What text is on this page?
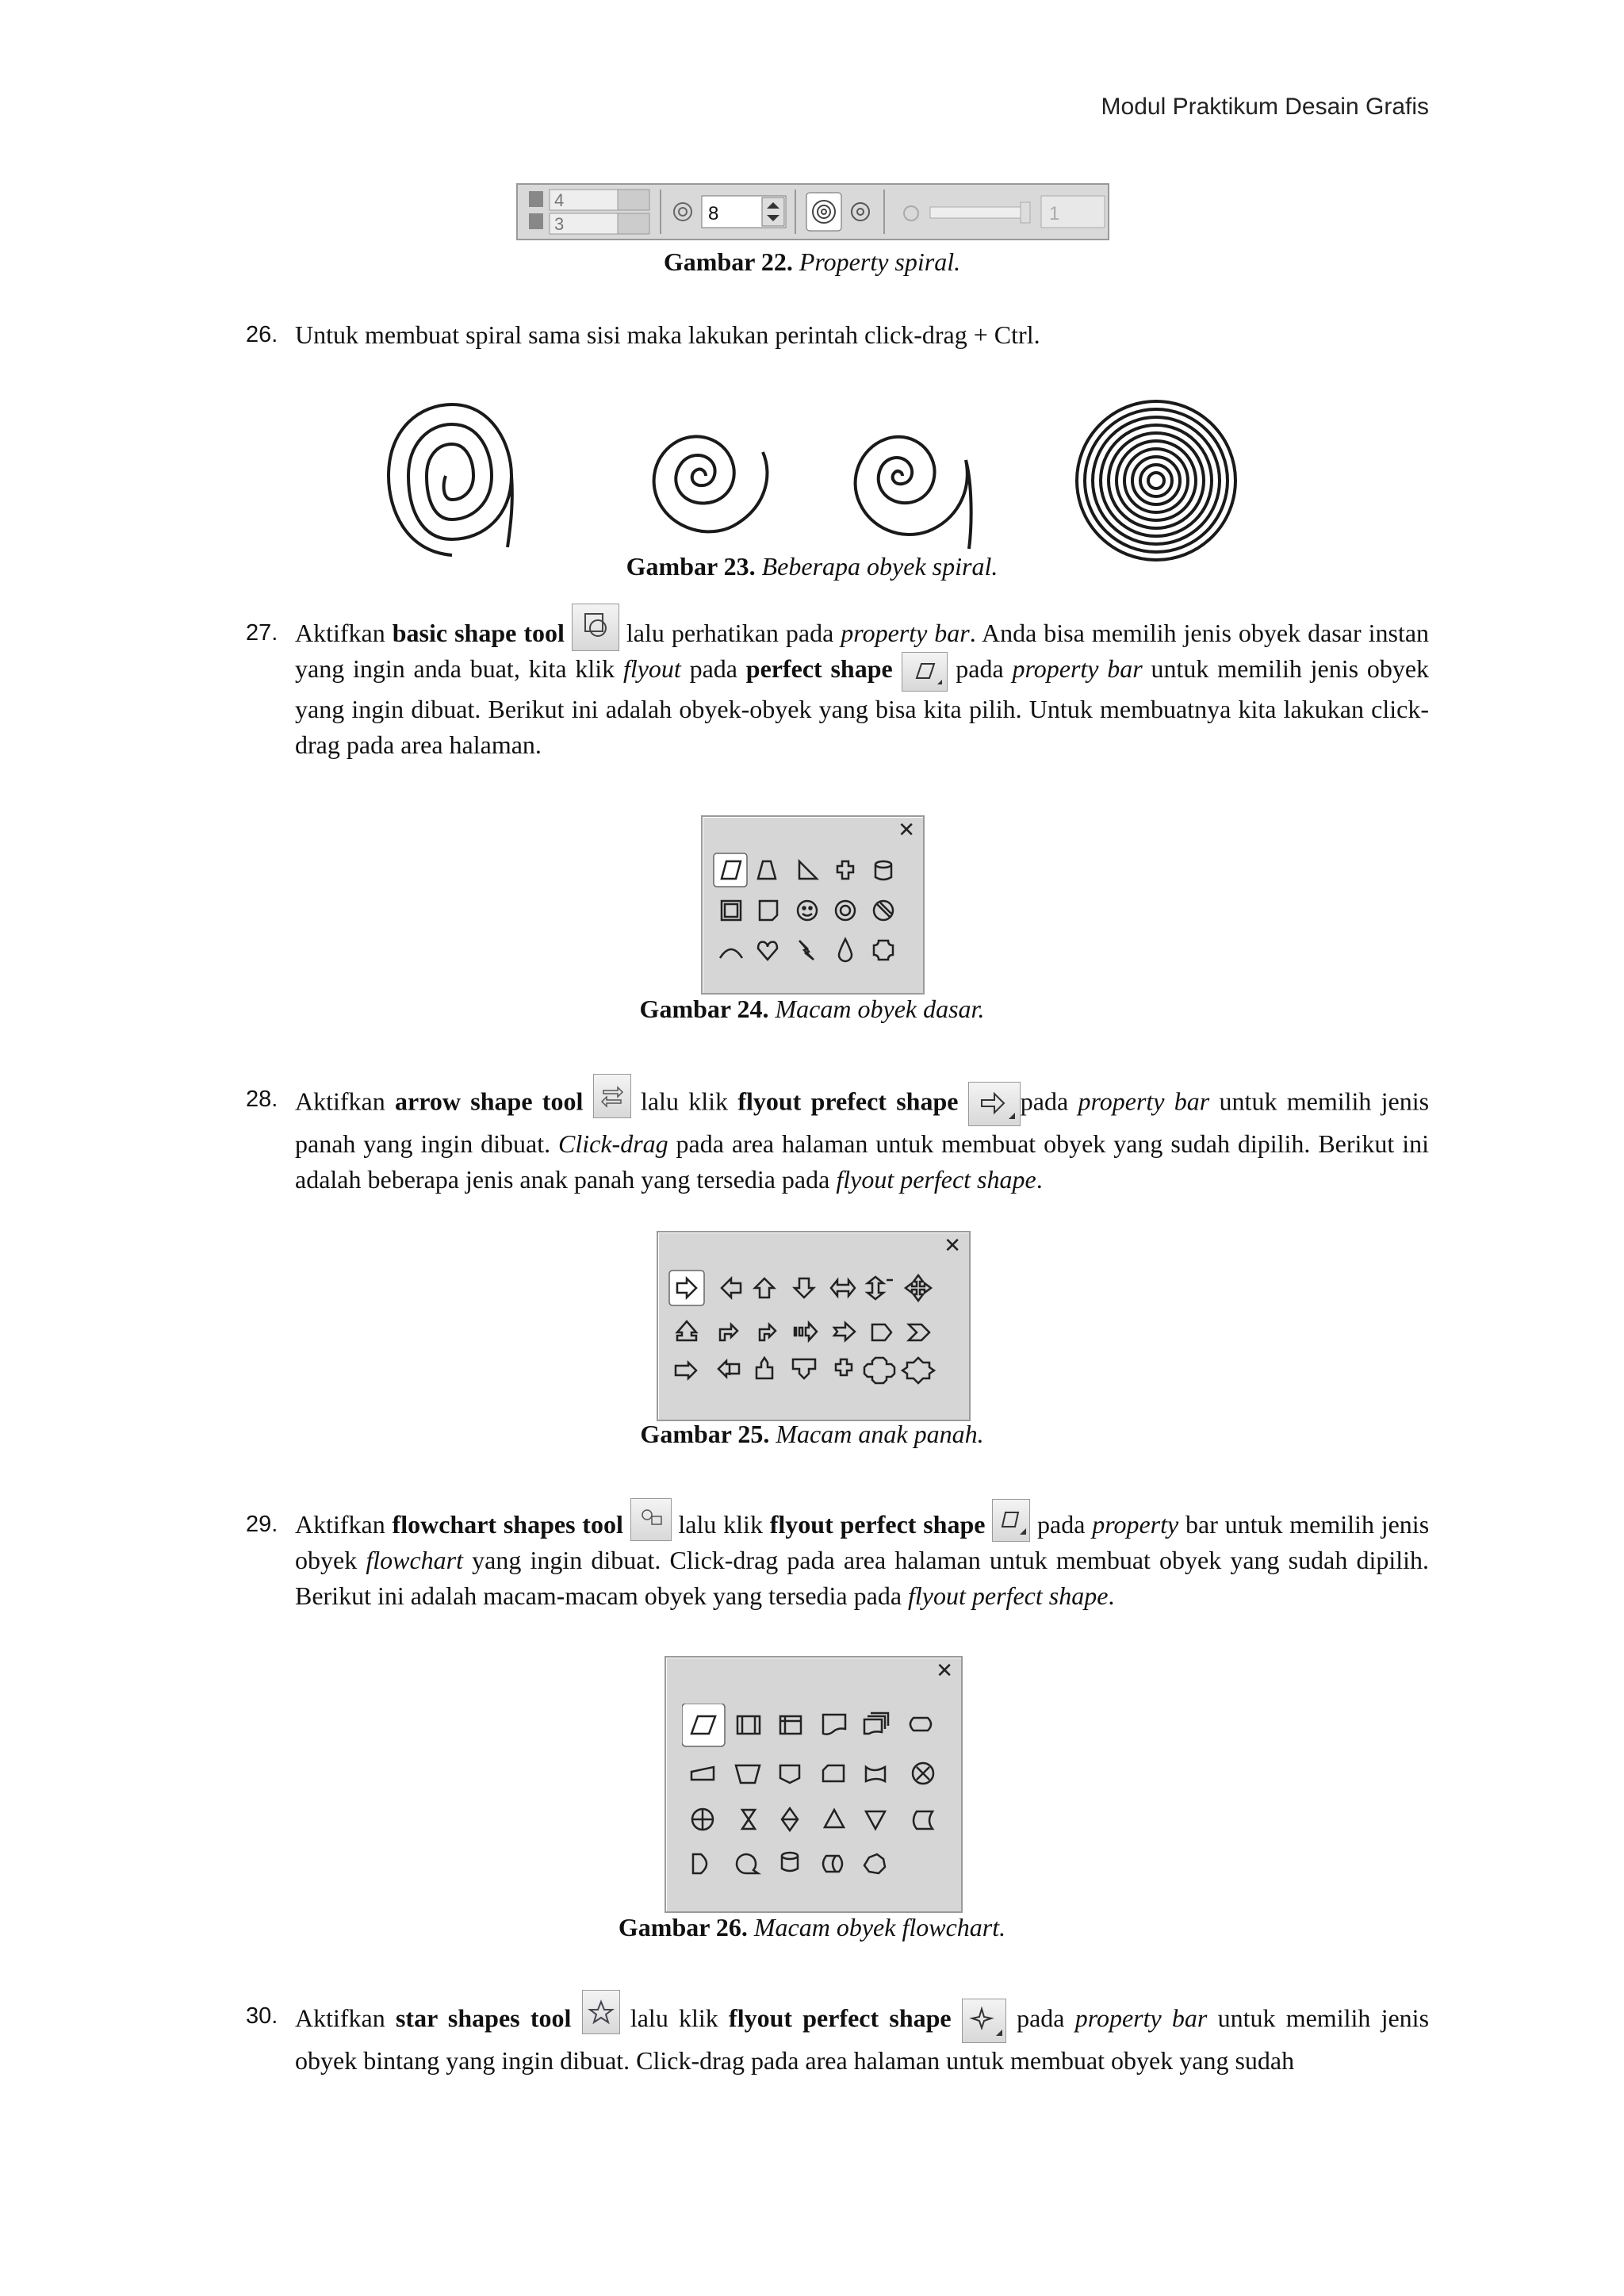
Modul Praktikum Desain Grafis
4
3	8	1
Gambar 22. Property spiral.
26. Untuk membuat spiral sama sisi maka lakukan perintah click-drag + Ctrl.
Gambar 23. Beberapa obyek spiral.
27. Aktifkan basic shape tool lalu perhatikan pada property bar. Anda bisa memilih jenis obyek dasar instan yang ingin anda buat, kita klik flyout pada perfect shape pada property bar untuk memilih jenis obyek yang ingin dibuat. Berikut ini adalah obyek-obyek yang bisa kita pilih. Untuk membuatnya kita lakukan click-drag pada area halaman.
✕
Gambar 24. Macam obyek dasar.
28. Aktifkan arrow shape tool lalu klik flyout prefect shape pada property bar untuk memilih jenis panah yang ingin dibuat. Click-drag pada area halaman untuk membuat obyek yang sudah dipilih. Berikut ini adalah beberapa jenis anak panah yang tersedia pada flyout perfect shape.
✕
Gambar 25. Macam anak panah.
29. Aktifkan flowchart shapes tool lalu klik flyout perfect shape pada property bar untuk memilih jenis obyek flowchart yang ingin dibuat. Click-drag pada area halaman untuk membuat obyek yang sudah dipilih. Berikut ini adalah macam-macam obyek yang tersedia pada flyout perfect shape.
✕
Gambar 26. Macam obyek flowchart.
30. Aktifkan star shapes tool lalu klik flyout perfect shape	pada property bar untuk memilih jenis obyek bintang yang ingin dibuat. Click-drag pada area halaman untuk membuat obyek yang sudah
